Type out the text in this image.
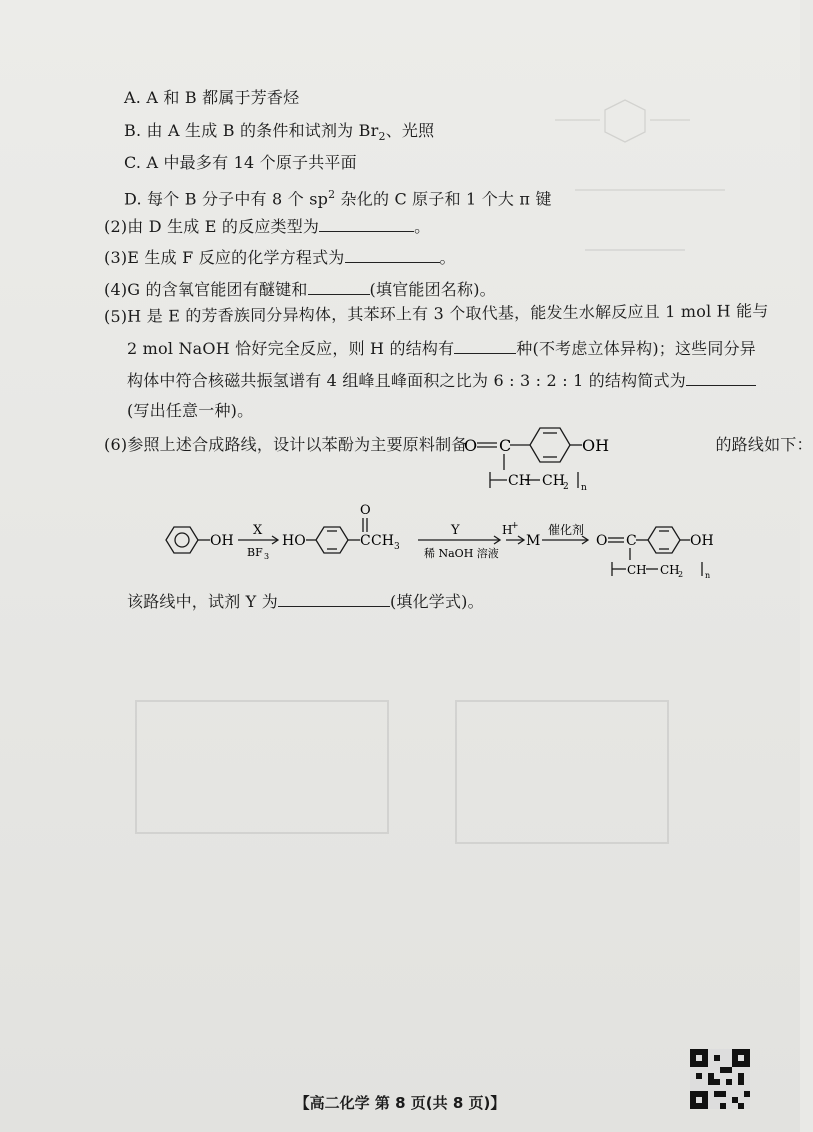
A. A 和 B 都属于芳香烃
B. 由 A 生成 B 的条件和试剂为 $Br_2$、光照
C. A 中最多有 14 个原子共平面
D. 每个 B 分子中有 8 个 $sp^2$ 杂化的 C 原子和 1 个大 π 键
(2)由 D 生成 E 的反应类型为	。
(3)E 生成 F 反应的化学方程式为	。
(4)G 的含氧官能团有醚键和	(填官能团名称)。
(5)H 是 E 的芳香族同分异构体，其苯环上有 3 个取代基，能发生水解反应且 1 mol H 能与
2 mol NaOH 恰好完全反应，则 H 的结构有	种(不考虑立体异构)；这些同分异
构体中符合核磁共振氢谱有 4 组峰且峰面积之比为 6 : 3 : 2 : 1 的结构简式为
(写出任意一种)。
(6)参照上述合成路线，设计以苯酚为主要原料制备	的路线如下：
O C	OH
CH CH
2 n
OH
X
BF 3
HO
O
C CH 3
Y
稀 NaOH 溶液
H
+
M
催化剂
O C	OH
CH CH
2	n
该路线中，试剂 Y 为	(填化学式)。
【高二化学 第 8 页(共 8 页)】
